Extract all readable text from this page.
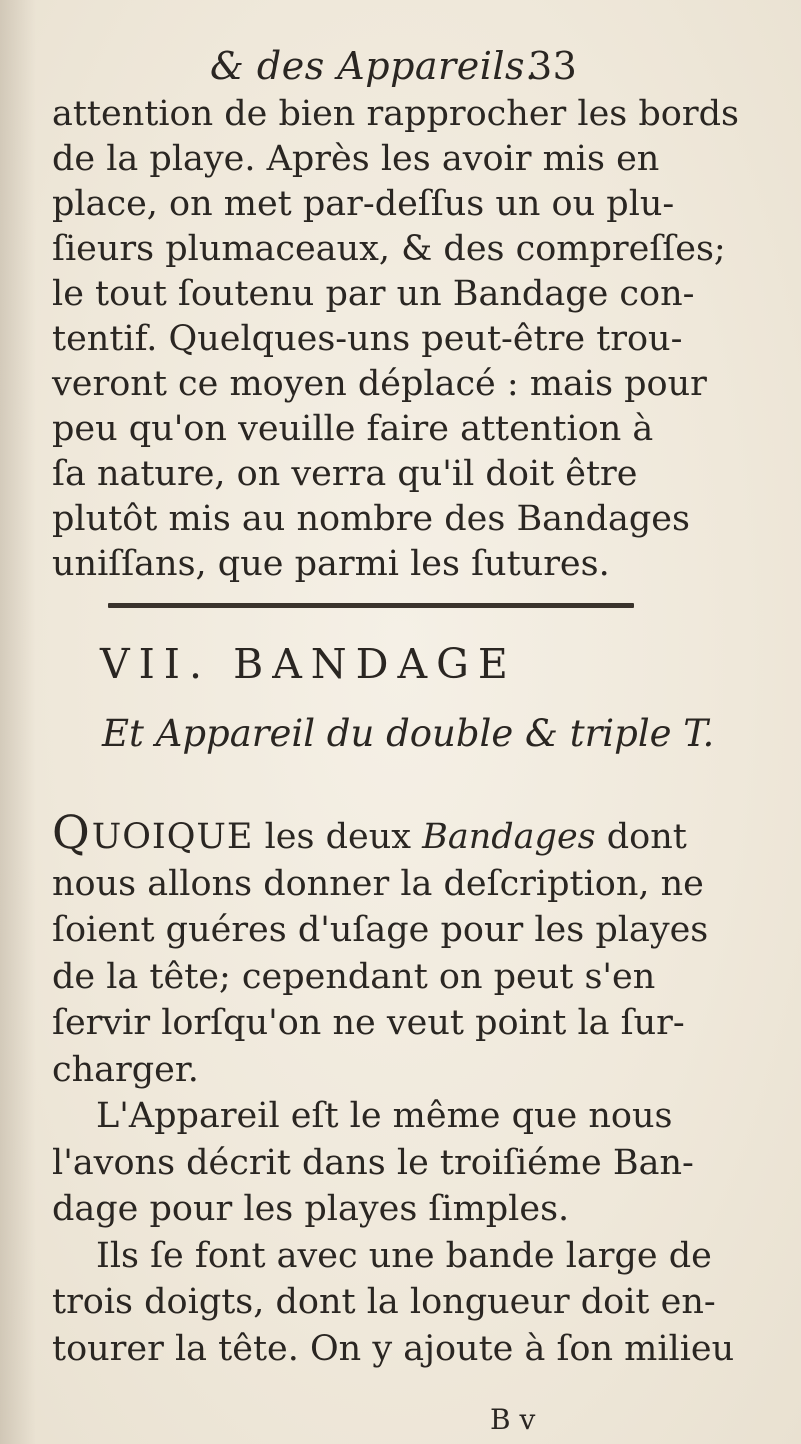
& des Appareils.
33
attention de bien rapprocher les bords
de la playe. Après les avoir mis en
place, on met par-deſſus un ou plu-
ſieurs plumaceaux, & des compreſſes;
le tout ſoutenu par un Bandage con-
tentif. Quelques-uns peut-être trou-
veront ce moyen déplacé : mais pour
peu qu'on veuille faire attention à
ſa nature, on verra qu'il doit être
plutôt mis au nombre des Bandages
uniſſans, que parmi les ſutures.
VII. BANDAGE
Et Appareil du double & triple T.
QUOIQUE les deux Bandages dont
nous allons donner la deſcription, ne
ſoient guéres d'uſage pour les playes
de la tête; cependant on peut s'en
ſervir lorſqu'on ne veut point la ſur-
charger.
L'Appareil eſt le même que nous
l'avons décrit dans le troiſiéme Ban-
dage pour les playes ſimples.
Ils ſe font avec une bande large de
trois doigts, dont la longueur doit en-
tourer la tête. On y ajoute à ſon milieu
B v
